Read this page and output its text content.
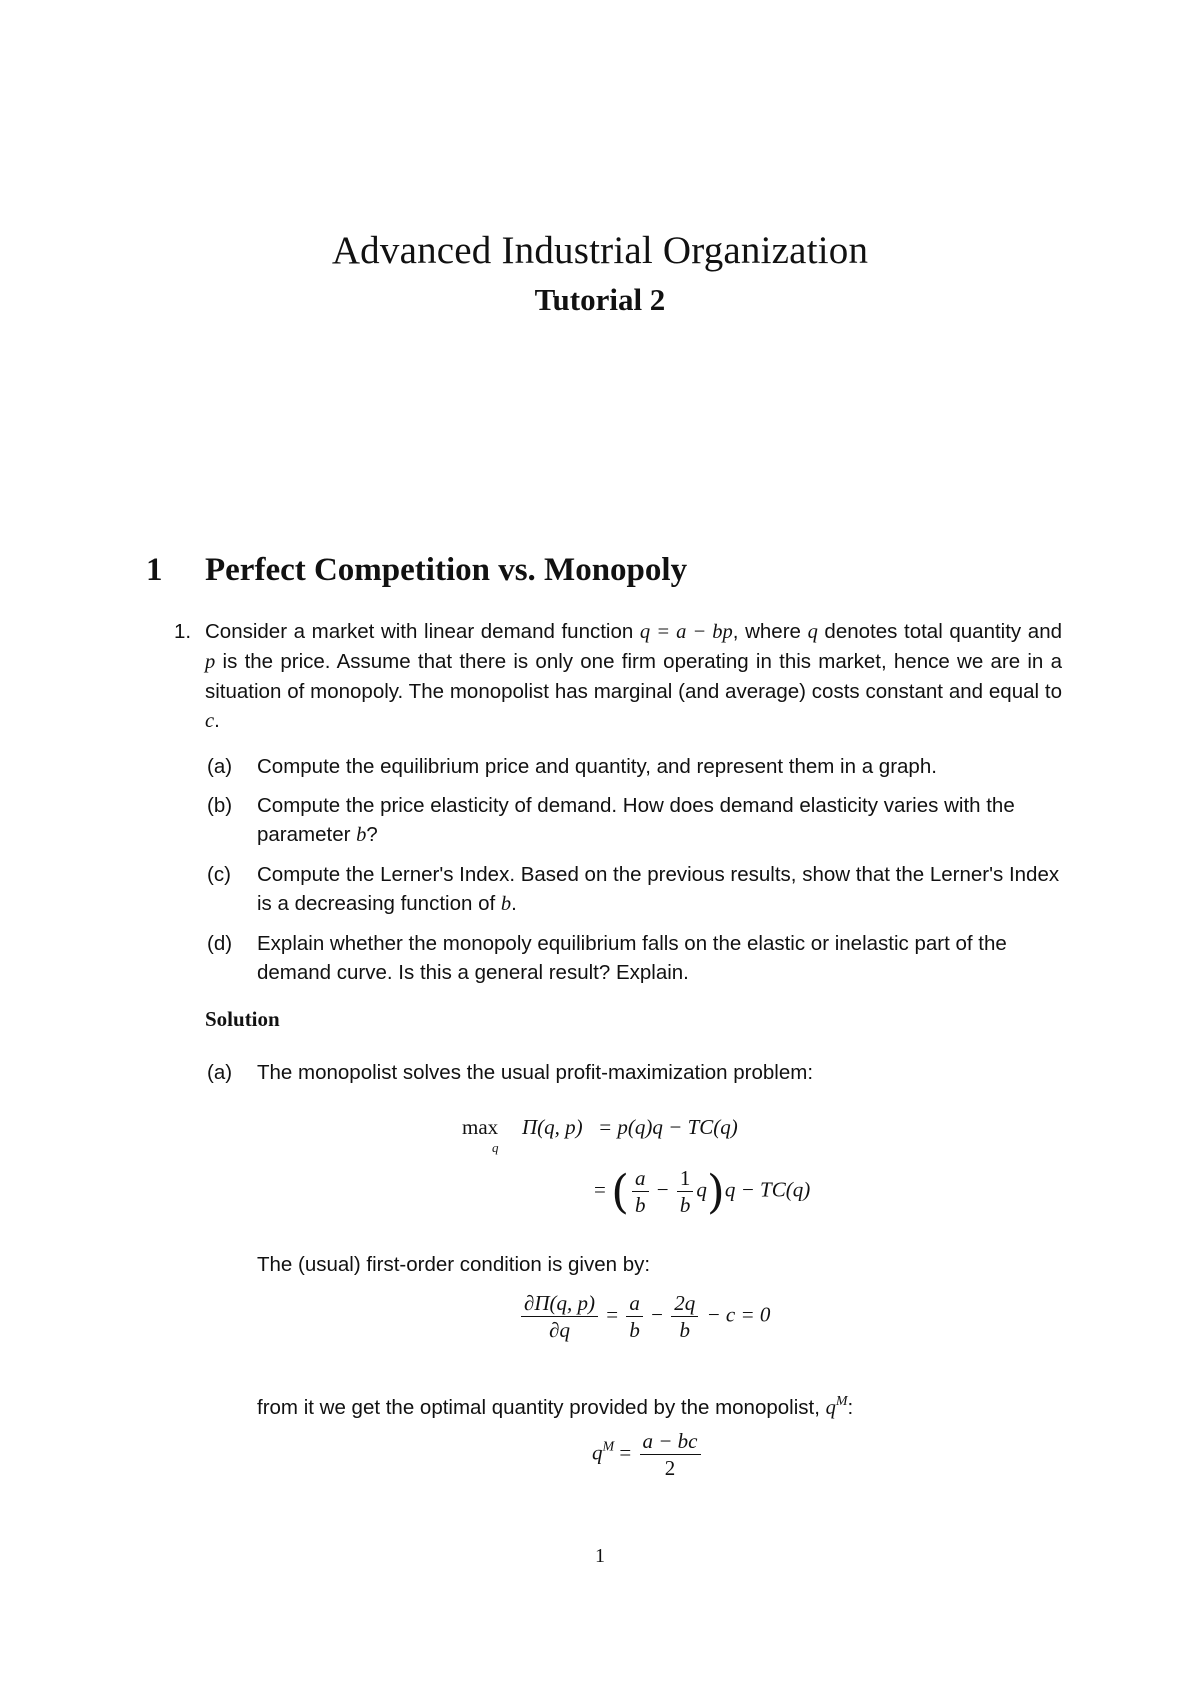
Advanced Industrial Organization
Tutorial 2
1 Perfect Competition vs. Monopoly
1. Consider a market with linear demand function q = a − bp, where q denotes total quantity and p is the price. Assume that there is only one firm operating in this market, hence we are in a situation of monopoly. The monopolist has marginal (and average) costs constant and equal to c.
(a)	Compute the equilibrium price and quantity, and represent them in a graph.
(b)	Compute the price elasticity of demand. How does demand elasticity varies with the parameter b?
(c)	Compute the Lerner's Index. Based on the previous results, show that the Lerner's Index is a decreasing function of b.
(d)	Explain whether the monopoly equilibrium falls on the elastic or inelastic part of the demand curve. Is this a general result? Explain.
Solution
(a)	The monopolist solves the usual profit-maximization problem:
max
q
Π(q, p) = p(q)q − TC(q)
= ( $\frac{a}{b} - \frac{1}{b} q)q - TC(q)$
The (usual) first-order condition is given by:
$\frac{\partial\Pi(q, p)}{\partial q} = \frac{a}{b} - \frac{2q}{b} - c = 0$
from it we get the optimal quantity provided by the monopolist, $q^M$:
$q^M = \frac{a - bc}{2}$
1
